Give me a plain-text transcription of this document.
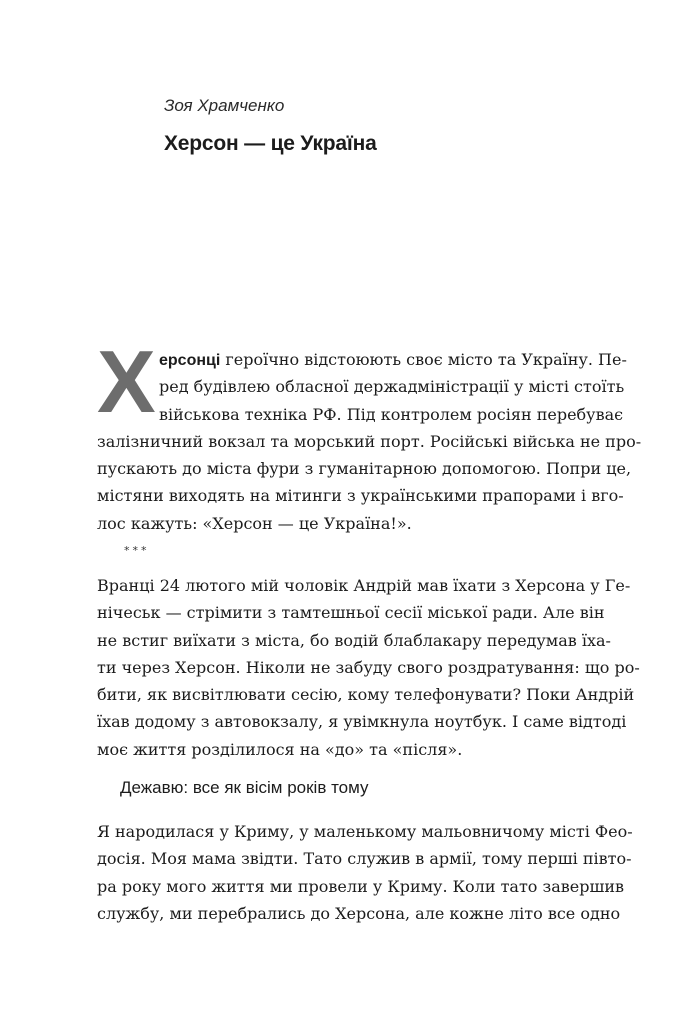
Зоя Храмченко
Херсон — це Україна
Х ерсонці героїчно відстоюють своє місто та Україну. Пе-
ред будівлею обласної держадміністрації у місті стоїть
військова техніка РФ. Під контролем росіян перебуває
залізничний вокзал та морський порт. Російські війська не про-
пускають до міста фури з гуманітарною допомогою. Попри це,
містяни виходять на мітинги з українськими прапорами і вго-
лос кажуть: «Херсон — це Україна!».
***
Вранці 24 лютого мій чоловік Андрій мав їхати з Херсона у Ге-
нічеськ — стрімити з тамтешньої сесії міської ради. Але він
не встиг виїхати з міста, бо водій блаблакару передумав їха-
ти через Херсон. Ніколи не забуду свого роздратування: що ро-
бити, як висвітлювати сесію, кому телефонувати? Поки Андрій
їхав додому з автовокзалу, я увімкнула ноутбук. І саме відтоді
моє життя розділилося на «до» та «після».
Дежавю: все як вісім років тому
Я народилася у Криму, у маленькому мальовничому місті Фео-
досія. Моя мама звідти. Тато служив в армії, тому перші півто-
ра року мого життя ми провели у Криму. Коли тато завершив
службу, ми перебрались до Херсона, але кожне літо все одно
